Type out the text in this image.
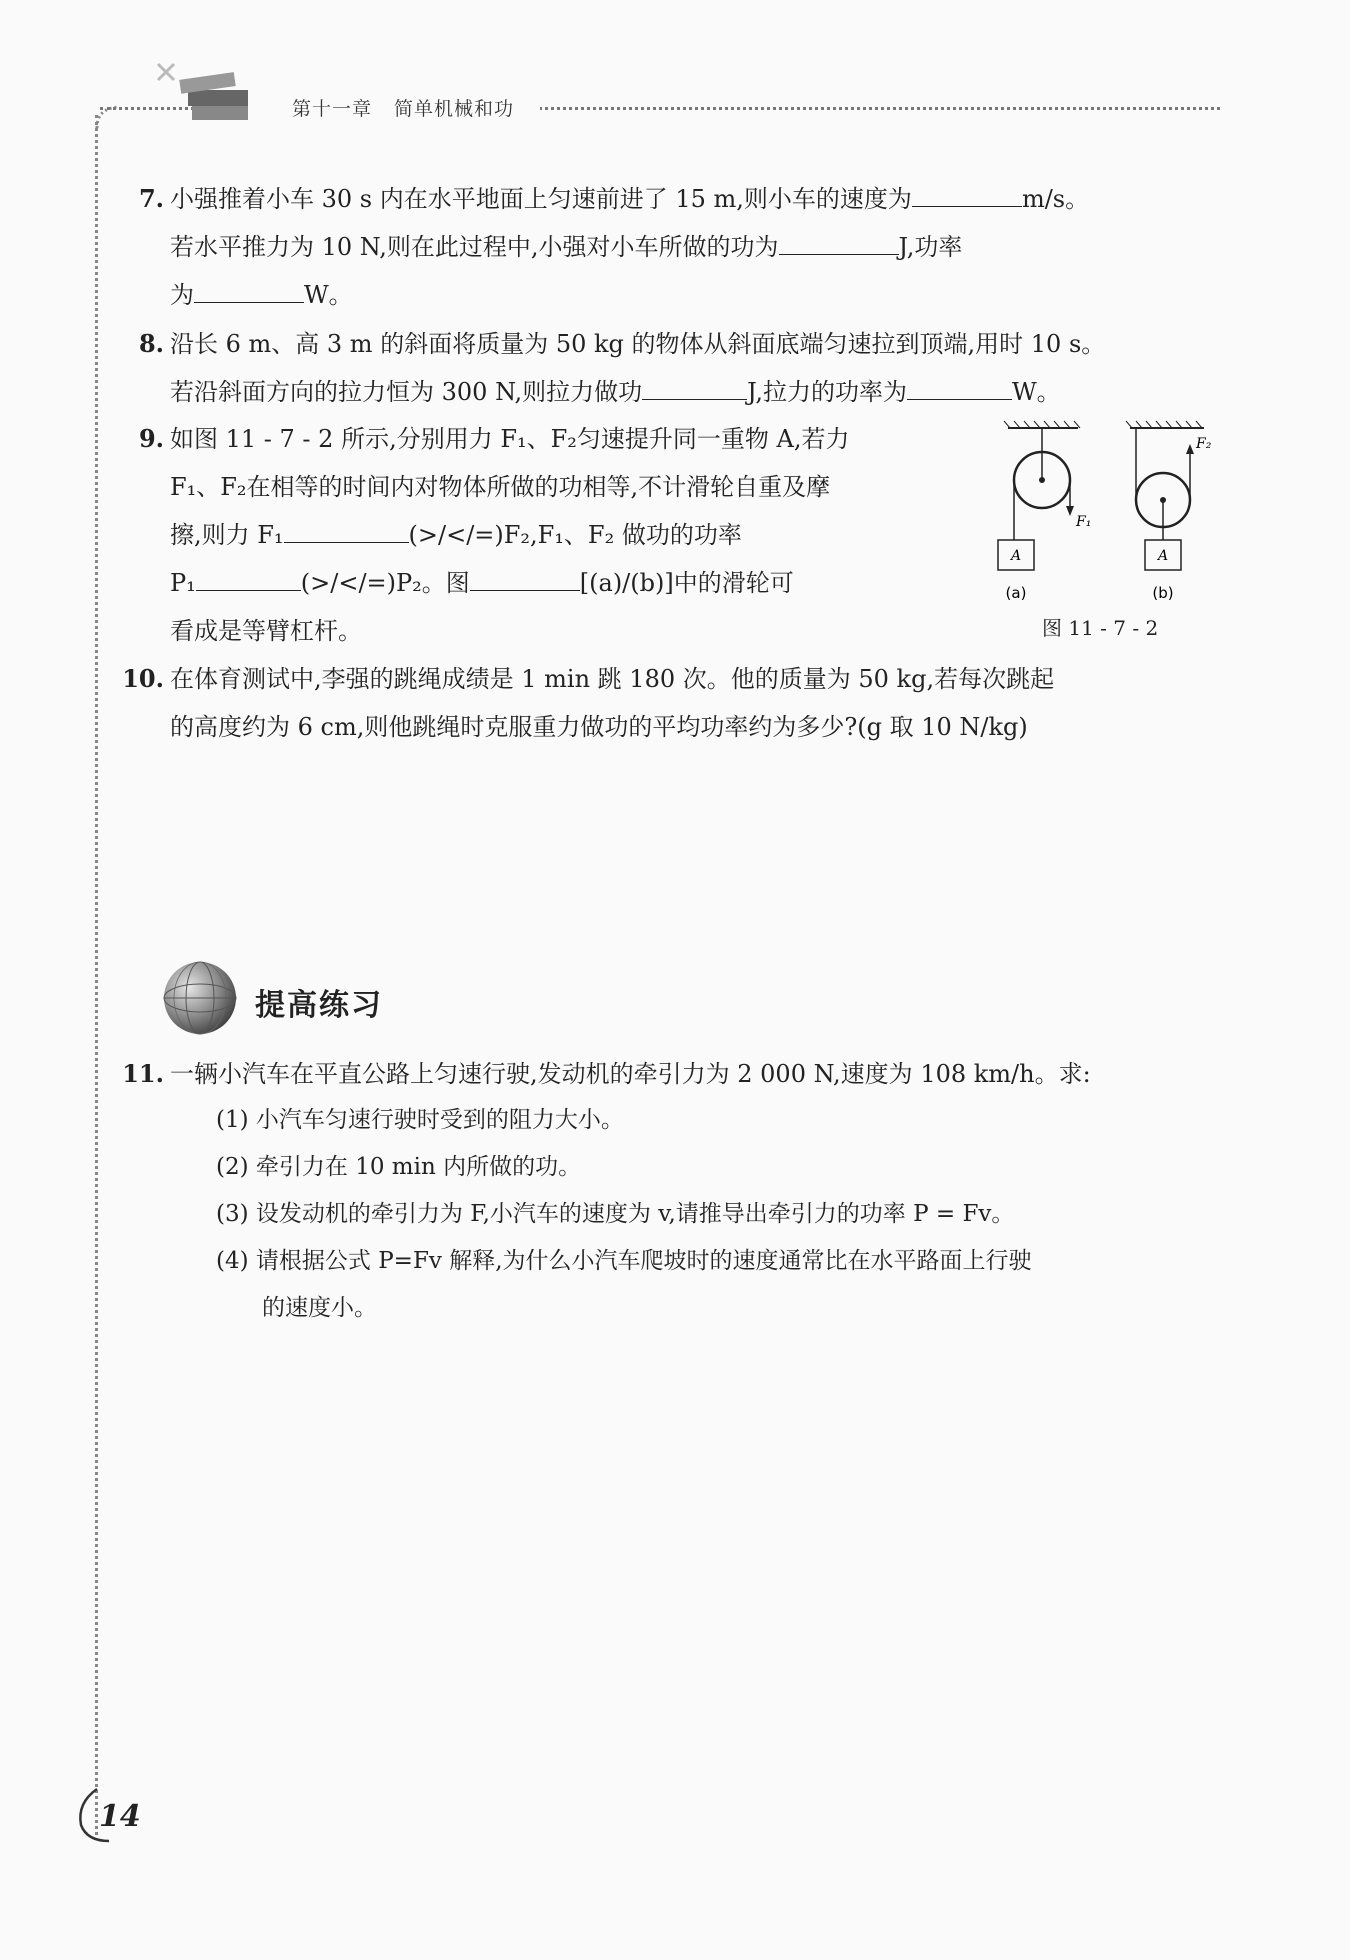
第十一章 简单机械和功
7. 小强推着小车 30 s 内在水平地面上匀速前进了 15 m,则小车的速度为	m/s。

若水平推力为 10 N,则在此过程中,小强对小车所做的功为	J,功率

为	W。

8. 沿长 6 m、高 3 m 的斜面将质量为 50 kg 的物体从斜面底端匀速拉到顶端,用时 10 s。

若沿斜面方向的拉力恒为 300 N,则拉力做功	J,拉力的功率为	W。

9. 如图 11 - 7 - 2 所示,分别用力 F₁、F₂匀速提升同一重物 A,若力

F₁、F₂在相等的时间内对物体所做的功相等,不计滑轮自重及摩

擦,则力 F₁	(>/</=)F₂,F₁、F₂ 做功的功率

P₁	(>/</=)P₂。图	[(a)/(b)]中的滑轮可

看成是等臂杠杆。

A	A
F₁
F₂
(a)	(b)
图 11 - 7 - 2
10. 在体育测试中,李强的跳绳成绩是 1 min 跳 180 次。他的质量为 50 kg,若每次跳起

的高度约为 6 cm,则他跳绳时克服重力做功的平均功率约为多少?(g 取 10 N/kg)

提高练习
11. 一辆小汽车在平直公路上匀速行驶,发动机的牵引力为 2 000 N,速度为 108 km/h。求:

(1) 小汽车匀速行驶时受到的阻力大小。
(2) 牵引力在 10 min 内所做的功。
(3) 设发动机的牵引力为 F,小汽车的速度为 v,请推导出牵引力的功率 P = Fv。
(4) 请根据公式 P=Fv 解释,为什么小汽车爬坡时的速度通常比在水平路面上行驶
的速度小。
14
